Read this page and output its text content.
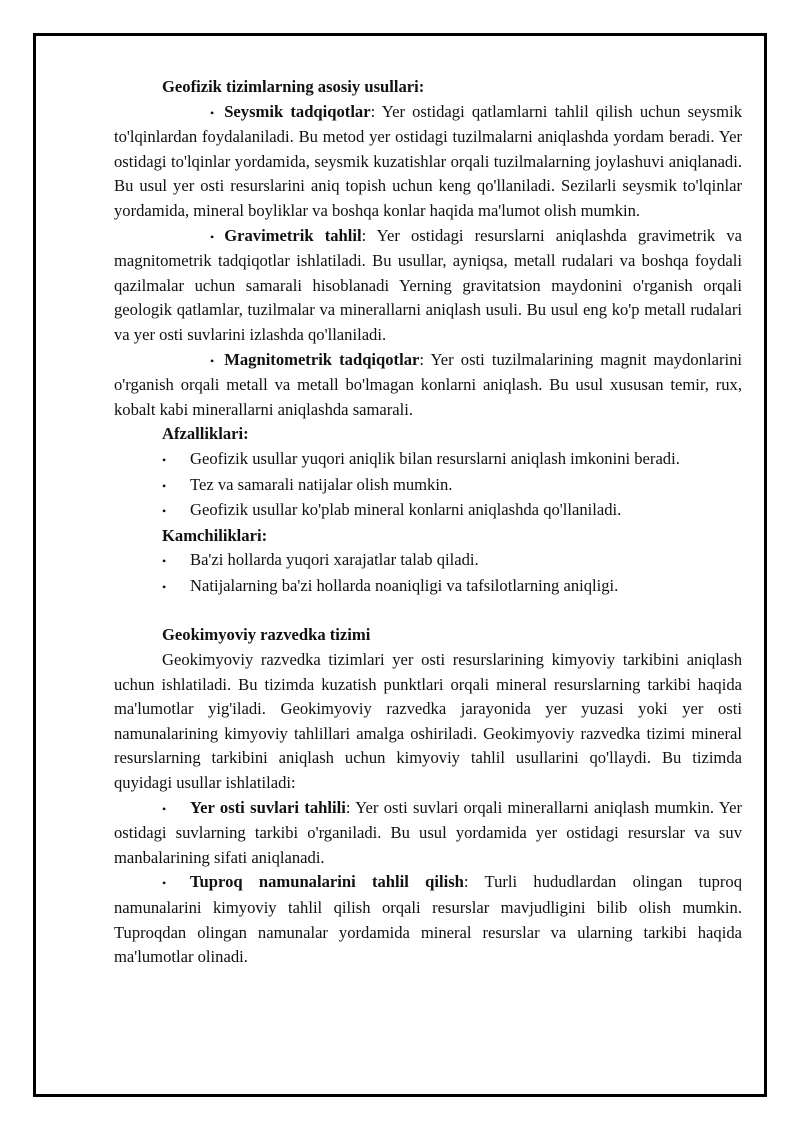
Geofizik tizimlarning asosiy usullari:

• Seysmik tadqiqotlar: Yer ostidagi qatlamlarni tahlil qilish uchun seysmik to'lqinlardan foydalaniladi. Bu metod yer ostidagi tuzilmalarni aniqlashda yordam beradi. Yer ostidagi to'lqinlar yordamida, seysmik kuzatishlar orqali tuzilmalarning joylashuvi aniqlanadi. Bu usul yer osti resurslarini aniq topish uchun keng qo'llaniladi. Sezilarli seysmik to'lqinlar yordamida, mineral boyliklar va boshqa konlar haqida ma'lumot olish mumkin.

• Gravimetrik tahlil: Yer ostidagi resurslarni aniqlashda gravimetrik va magnitometrik tadqiqotlar ishlatiladi. Bu usullar, ayniqsa, metall rudalari va boshqa foydali qazilmalar uchun samarali hisoblanadi Yerning gravitatsion maydonini o'rganish orqali geologik qatlamlar, tuzilmalar va minerallarni aniqlash usuli. Bu usul eng ko'p metall rudalari va yer osti suvlarini izlashda qo'llaniladi.

• Magnitometrik tadqiqotlar: Yer osti tuzilmalarining magnit maydonlarini o'rganish orqali metall va metall bo'lmagan konlarni aniqlash. Bu usul xususan temir, rux, kobalt kabi minerallarni aniqlashda samarali.

Afzalliklari:

• Geofizik usullar yuqori aniqlik bilan resurslarni aniqlash imkonini beradi.

• Tez va samarali natijalar olish mumkin.

• Geofizik usullar ko'plab mineral konlarni aniqlashda qo'llaniladi.

Kamchiliklari:

• Ba'zi hollarda yuqori xarajatlar talab qiladi.

• Natijalarning ba'zi hollarda noaniqligi va tafsilotlarning aniqligi.

Geokimyoviy razvedka tizimi

Geokimyoviy razvedka tizimlari yer osti resurslarining kimyoviy tarkibini aniqlash uchun ishlatiladi. Bu tizimda kuzatish punktlari orqali mineral resurslarning tarkibi haqida ma'lumotlar yig'iladi. Geokimyoviy razvedka jarayonida yer yuzasi yoki yer osti namunalarining kimyoviy tahlillari amalga oshiriladi. Geokimyoviy razvedka tizimi mineral resurslarning tarkibini aniqlash uchun kimyoviy tahlil usullarini qo'llaydi. Bu tizimda quyidagi usullar ishlatiladi:

• Yer osti suvlari tahlili: Yer osti suvlari orqali minerallarni aniqlash mumkin. Yer ostidagi suvlarning tarkibi o'rganiladi. Bu usul yordamida yer ostidagi resurslar va suv manbalarining sifati aniqlanadi.

• Tuproq namunalarini tahlil qilish: Turli hududlardan olingan tuproq namunalarini kimyoviy tahlil qilish orqali resurslar mavjudligini bilib olish mumkin. Tuproqdan olingan namunalar yordamida mineral resurslar va ularning tarkibi haqida ma'lumotlar olinadi.
